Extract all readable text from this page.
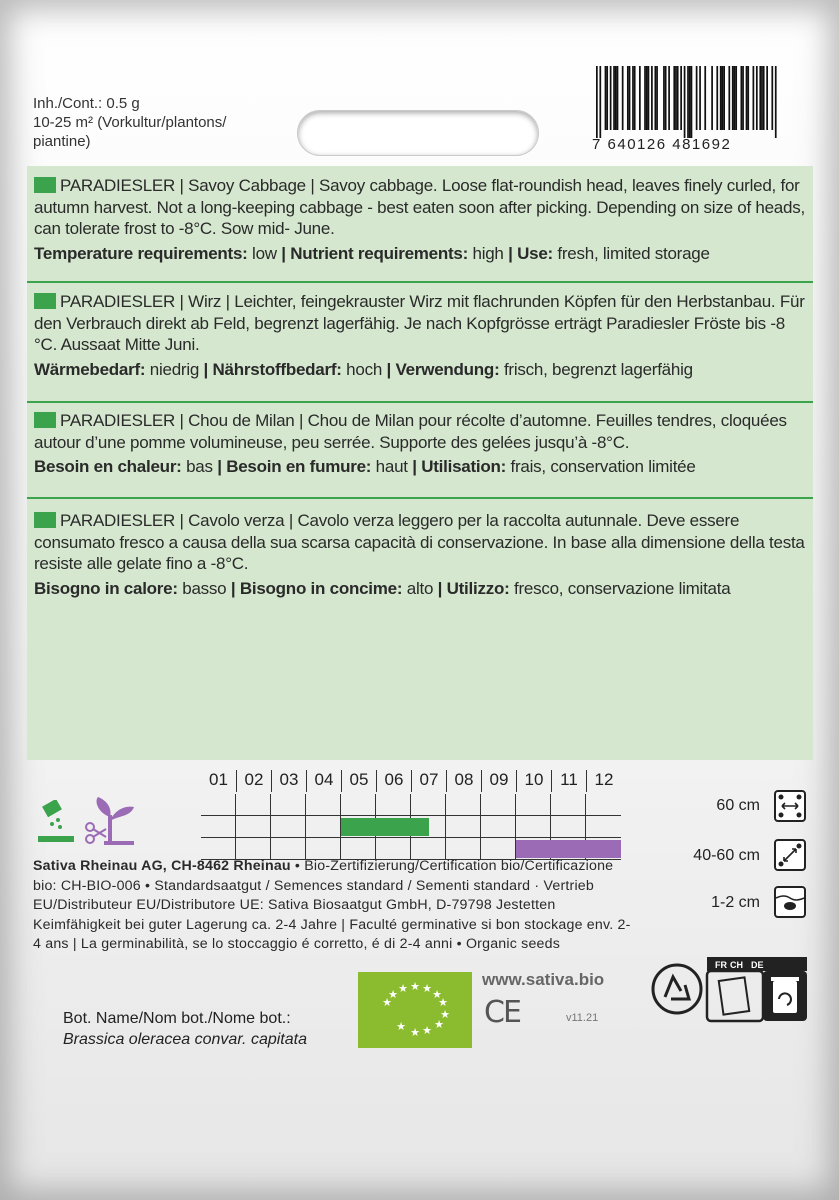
Inh./Cont.: 0.5 g
10-25 m² (Vorkultur/plantons/
piantine)	7 640126 481692
PARADIESLER | Savoy Cabbage | Savoy cabbage. Loose flat-roundish head, leaves finely curled, for autumn harvest. Not a long-keeping cabbage - best eaten soon after picking. Depending on size of heads, can tolerate frost to -8°C. Sow mid- June.
Temperature requirements: low | Nutrient requirements: high | Use: fresh, limited storage
PARADIESLER | Wirz | Leichter, feingekrauster Wirz mit flachrunden Köpfen für den Herbstanbau. Für den Verbrauch direkt ab Feld, begrenzt lagerfähig. Je nach Kopfgrösse erträgt Paradiesler Fröste bis -8 °C. Aussaat Mitte Juni.
Wärmebedarf: niedrig | Nährstoffbedarf: hoch | Verwendung: frisch, begrenzt lagerfähig
PARADIESLER | Chou de Milan | Chou de Milan pour récolte d’automne. Feuilles tendres, cloquées autour d’une pomme volumineuse, peu serrée. Supporte des gelées jusqu’à -8°C.
Besoin en chaleur: bas | Besoin en fumure: haut | Utilisation: frais, conservation limitée
PARADIESLER | Cavolo verza | Cavolo verza leggero per la raccolta autunnale. Deve essere consumato fresco a causa della sua scarsa capacità di conservazione. In base alla dimensione della testa resiste alle gelate fino a -8°C.
Bisogno in calore: basso | Bisogno in concime: alto | Utilizzo: fresco, conservazione limitata
01 02 03 04 05 06 07 08 09 10 11 12
60 cm
40-60 cm
1-2 cm
Sativa Rheinau AG, CH-8462 Rheinau • Bio-Zertifizierung/Certification bio/Certificazione bio: CH-BIO-006 • Standardsaatgut / Semences standard / Sementi standard · Vertrieb EU/Distributeur EU/Distributore UE: Sativa Biosaatgut GmbH, D-79798 Jestetten Keimfähigkeit bei guter Lagerung ca. 2-4 Jahre | Faculté germinative si bon stockage env. 2-4 ans | La germinabilità, se lo stoccaggio é corretto, é di 2-4 anni • Organic seeds
★
★ ★ ★ ★ ★
★
★
★
★
★
★
www.sativa.bio
CE	v11.21
Bot. Name/Nom bot./Nome bot.:
Brassica oleracea convar. capitata
FR CH DE
